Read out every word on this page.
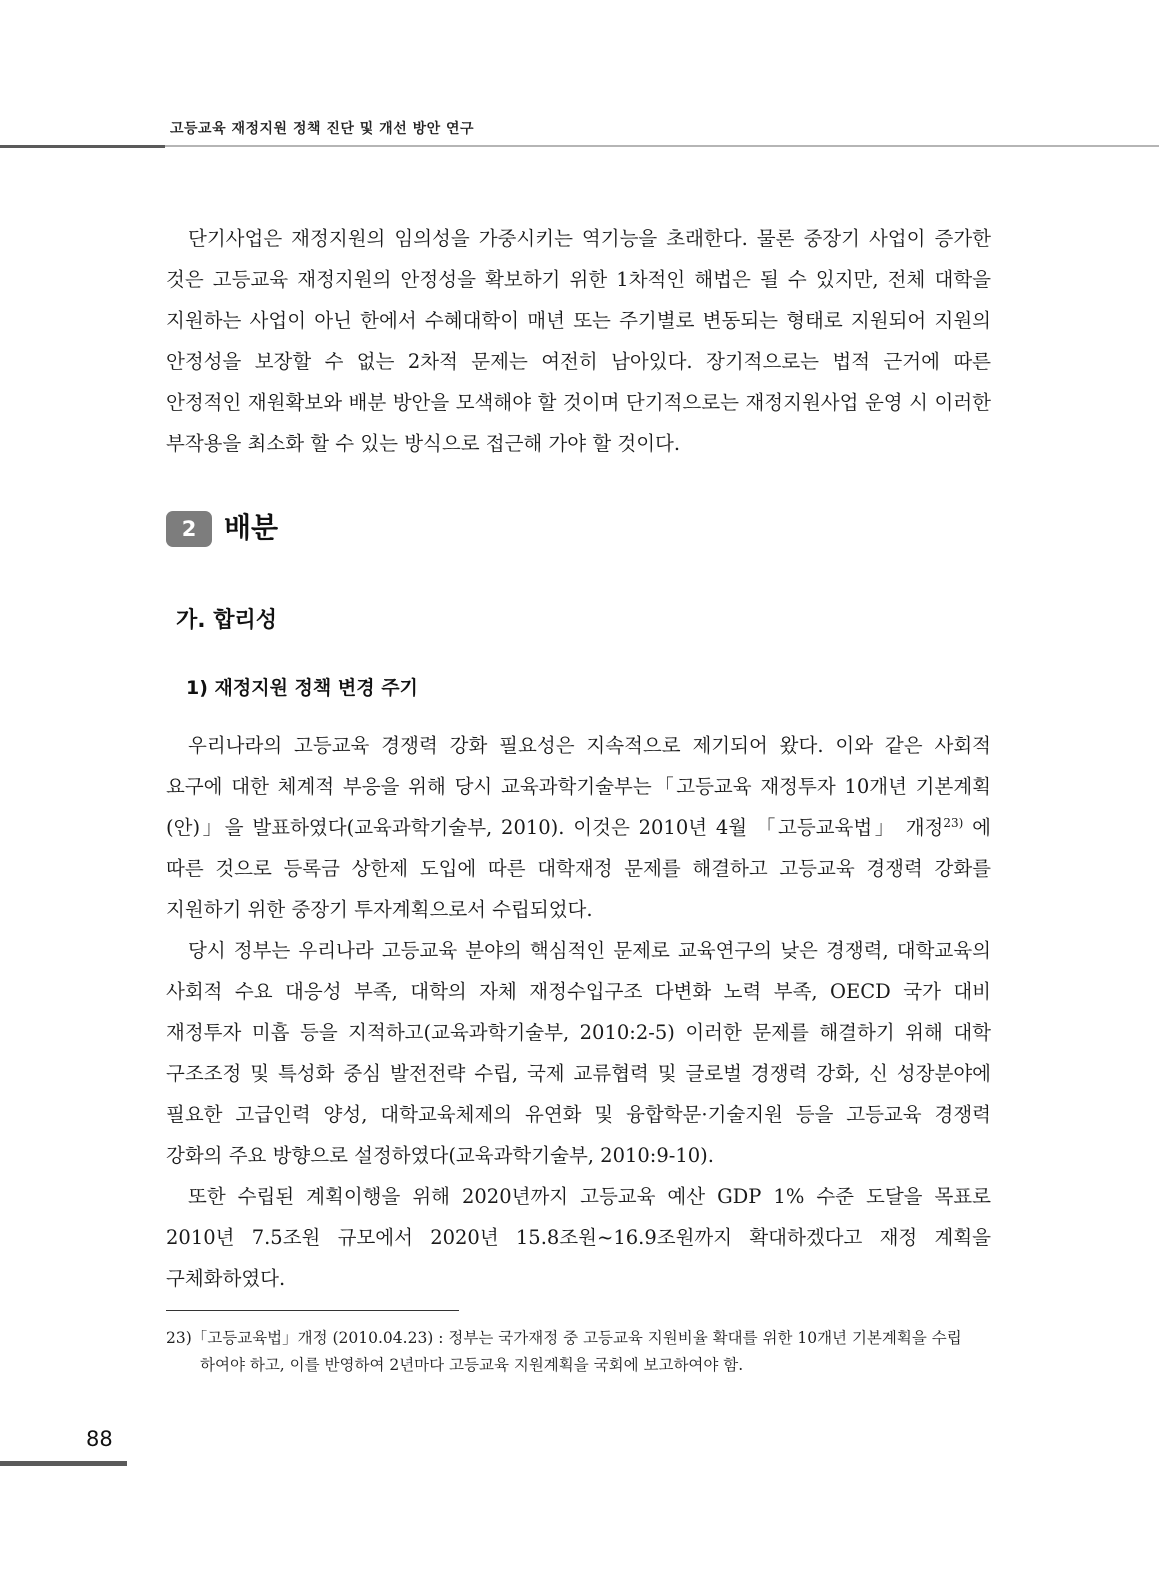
고등교육 재정지원 정책 진단 및 개선 방안 연구

단기사업은 재정지원의 임의성을 가중시키는 역기능을 초래한다. 물론 중장기 사업이 증가한 것은 고등교육 재정지원의 안정성을 확보하기 위한 1차적인 해법은 될 수 있지만, 전체 대학을 지원하는 사업이 아닌 한에서 수혜대학이 매년 또는 주기별로 변동되는 형태로 지원되어 지원의 안정성을 보장할 수 없는 2차적 문제는 여전히 남아있다. 장기적으로는 법적 근거에 따른 안정적인 재원확보와 배분 방안을 모색해야 할 것이며 단기적으로는 재정지원사업 운영 시 이러한 부작용을 최소화 할 수 있는 방식으로 접근해 가야 할 것이다.

2 배분
가. 합리성
1) 재정지원 정책 변경 주기

우리나라의 고등교육 경쟁력 강화 필요성은 지속적으로 제기되어 왔다. 이와 같은 사회적 요구에 대한 체계적 부응을 위해 당시 교육과학기술부는「고등교육 재정투자 10개년 기본계획(안)」을 발표하였다(교육과학기술부, 2010). 이것은 2010년 4월 「고등교육법」 개정$^{23)}$ 에 따른 것으로 등록금 상한제 도입에 따른 대학재정 문제를 해결하고 고등교육 경쟁력 강화를 지원하기 위한 중장기 투자계획으로서 수립되었다.

당시 정부는 우리나라 고등교육 분야의 핵심적인 문제로 교육연구의 낮은 경쟁력, 대학교육의 사회적 수요 대응성 부족, 대학의 자체 재정수입구조 다변화 노력 부족, OECD 국가 대비 재정투자 미흡 등을 지적하고(교육과학기술부, 2010:2-5) 이러한 문제를 해결하기 위해 대학 구조조정 및 특성화 중심 발전전략 수립, 국제 교류협력 및 글로벌 경쟁력 강화, 신 성장분야에 필요한 고급인력 양성, 대학교육체제의 유연화 및 융합학문·기술지원 등을 고등교육 경쟁력 강화의 주요 방향으로 설정하였다(교육과학기술부, 2010:9-10).

또한 수립된 계획이행을 위해 2020년까지 고등교육 예산 GDP 1% 수준 도달을 목표로 2010년 7.5조원 규모에서 2020년 15.8조원~16.9조원까지 확대하겠다고 재정 계획을 구체화하였다.

23)「고등교육법」개정 (2010.04.23) : 정부는 국가재정 중 고등교육 지원비율 확대를 위한 10개년 기본계획을 수립
하여야 하고, 이를 반영하여 2년마다 고등교육 지원계획을 국회에 보고하여야 함.
88
